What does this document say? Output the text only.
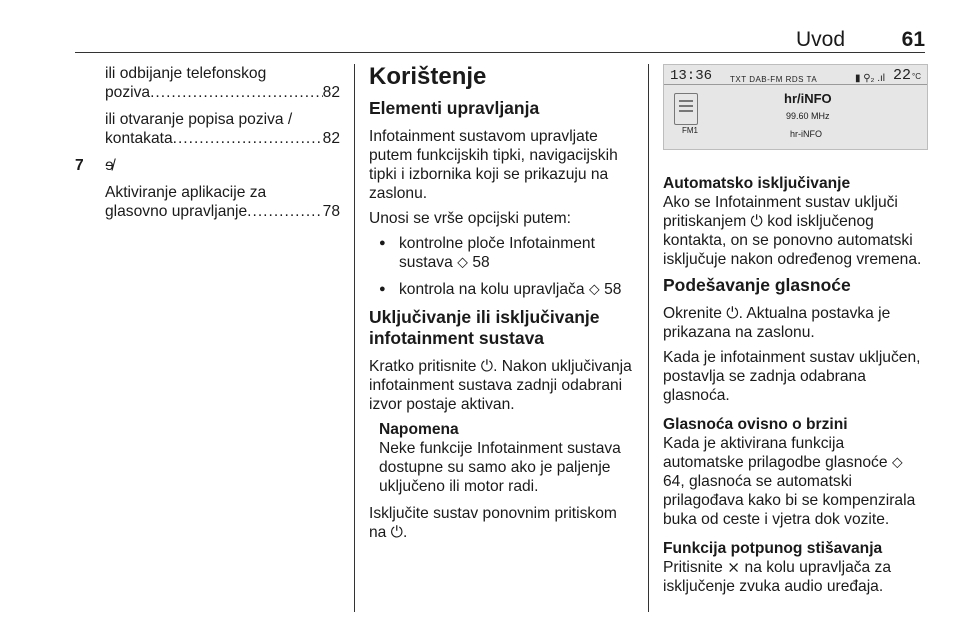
Uvod	61
ili odbijanje telefonskog
poziva .....	82
ili otvaranje popisa poziva /
kontakata .....	82
7 ɘ̸
Aktiviranje aplikacije za
glasovno upravljanje .....	78
Korištenje
Elementi upravljanja

Infotainment sustavom upravljate putem funkcijskih tipki, navigacijskih tipki i izbornika koji se prikazuju na zaslonu.

Unosi se vrše opcijski putem:

● kontrolne ploče Infotainment sustava ⬦ 58
● kontrola na kolu upravljača ⬦ 58
Uključivanje ili isključivanje infotainment sustava

Kratko pritisnite ⏻. Nakon uključivanja infotainment sustava zadnji odabrani izvor postaje aktivan.

Napomena
Neke funkcije Infotainment sustava dostupne su samo ako je paljenje uključeno ili motor radi.

Isključite sustav ponovnim pritiskom na ⏻.

13:36 TXT DAB-FM RDS TA	▮ ⚲₂ .ıl 22 °C
FM1
hr/iNFO
99.60 MHz
hr-iNFO
Automatsko isključivanje

Ako se Infotainment sustav uključi pritiskanjem ⏻ kod isključenog kontakta, on se ponovno automatski isključuje nakon određenog vremena.

Podešavanje glasnoće

Okrenite ⏻. Aktualna postavka je prikazana na zaslonu.

Kada je infotainment sustav uključen, postavlja se zadnja odabrana glasnoća.

Glasnoća ovisno o brzini

Kada je aktivirana funkcija automatske prilagodbe glasnoće ⬦ 64, glasnoća se automatski prilagođava kako bi se kompenzirala buka od ceste i vjetra dok vozite.

Funkcija potpunog stišavanja

Pritisnite ⨯ na kolu upravljača za isključenje zvuka audio uređaja.
